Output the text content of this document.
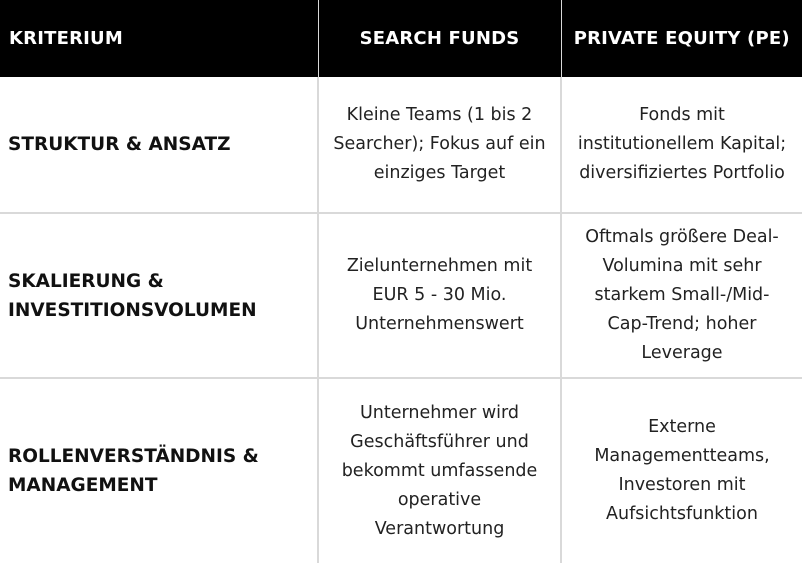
KRITERIUM	SEARCH FUNDS	PRIVATE EQUITY (PE)

STRUKTUR & ANSATZ	Kleine Teams (1 bis 2
Searcher); Fokus auf ein
einziges Target	Fonds mit
institutionellem Kapital;
diversifiziertes Portfolio

SKALIERUNG &
INVESTITIONSVOLUMEN	Zielunternehmen mit
EUR 5 - 30 Mio.
Unternehmenswert	Oftmals größere Deal-
Volumina mit sehr
starkem Small-/Mid-
Cap-Trend; hoher
Leverage

ROLLENVERSTÄNDNIS &
MANAGEMENT	Unternehmer wird
Geschäftsführer und
bekommt umfassende
operative
Verantwortung	Externe
Managementteams,
Investoren mit
Aufsichtsfunktion
